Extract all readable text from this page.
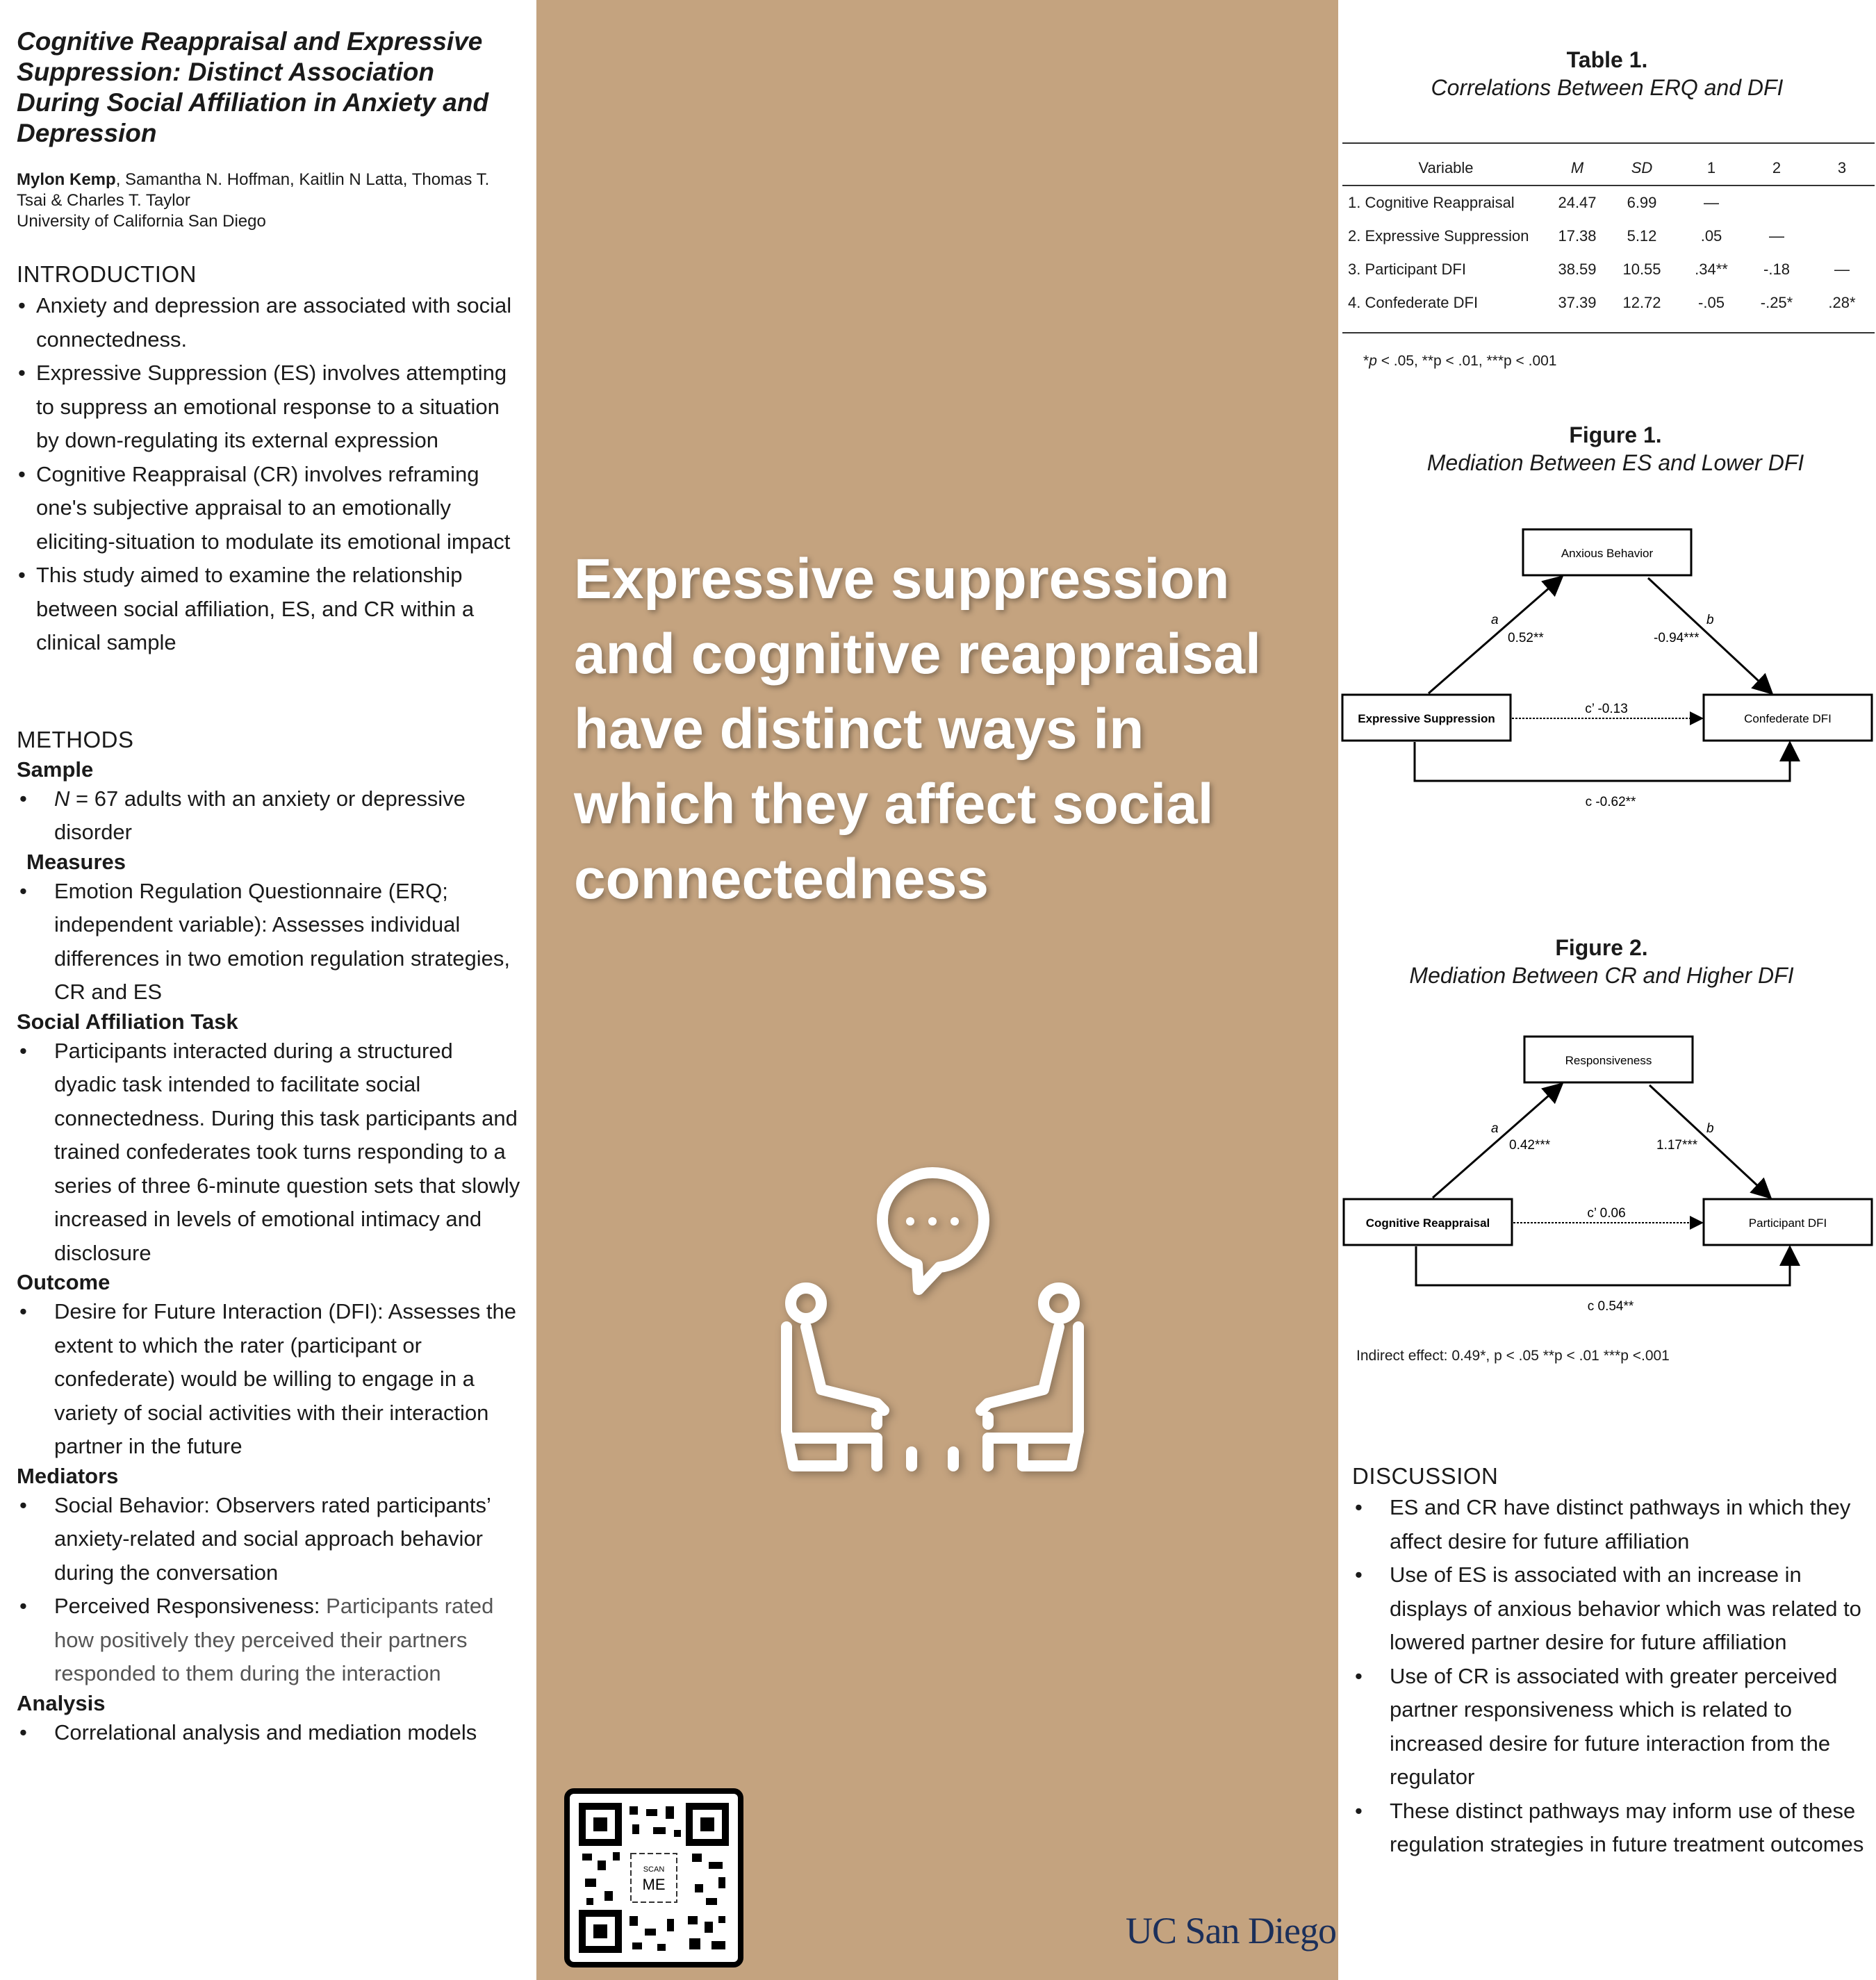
Cognitive Reappraisal and Expressive Suppression: Distinct Association During Social Affiliation in Anxiety and Depression
Mylon Kemp, Samantha N. Hoffman, Kaitlin N Latta, Thomas T. Tsai & Charles T. Taylor
University of California San Diego
INTRODUCTION
• Anxiety and depression are associated with social connectedness.
• Expressive Suppression (ES) involves attempting to suppress an emotional response to a situation by down-regulating its external expression
• Cognitive Reappraisal (CR) involves reframing one's subjective appraisal to an emotionally eliciting-situation to modulate its emotional impact
• This study aimed to examine the relationship between social affiliation, ES, and CR within a clinical sample
METHODS
Sample
• N = 67 adults with an anxiety or depressive disorder
Measures
• Emotion Regulation Questionnaire (ERQ; independent variable): Assesses individual differences in two emotion regulation strategies, CR and ES
Social Affiliation Task
• Participants interacted during a structured dyadic task intended to facilitate social connectedness. During this task participants and trained confederates took turns responding to a series of three 6-minute question sets that slowly increased in levels of emotional intimacy and disclosure
Outcome
• Desire for Future Interaction (DFI): Assesses the extent to which the rater (participant or confederate) would be willing to engage in a variety of social activities with their interaction partner in the future
Mediators
• Social Behavior: Observers rated participants’ anxiety-related and social approach behavior during the conversation
• Perceived Responsiveness: Participants rated how positively they perceived their partners responded to them during the interaction
Analysis
• Correlational analysis and mediation models
Expressive suppression and cognitive reappraisal have distinct ways in which they affect social connectedness
SCAN
ME
UC San Diego
Table 1.
Correlations Between ERQ and DFI
Variable	M	SD	1	2	3
1. Cognitive Reappraisal	24.47	6.99	—		
2. Expressive Suppression	17.38	5.12	.05	—	
3. Participant DFI	38.59	10.55	.34**	-.18	—
4. Confederate DFI	37.39	12.72	-.05	-.25*	.28*
*p < .05, **p < .01, ***p < .001
Figure 1.
Mediation Between ES and Lower DFI
Anxious Behavior
Expressive Suppression	Confederate DFI
a
0.52**
b
-0.94***
c’ -0.13
c -0.62**
Figure 2.
Mediation Between CR and Higher DFI
Responsiveness
Cognitive Reappraisal	Participant DFI
a
0.42***
b
1.17***
c’ 0.06
c 0.54**
Indirect effect: 0.49*, p < .05 **p < .01 ***p <.001
DISCUSSION
• ES and CR have distinct pathways in which they affect desire for future affiliation
• Use of ES is associated with an increase in displays of anxious behavior which was related to lowered partner desire for future affiliation
• Use of CR is associated with greater perceived partner responsiveness which is related to increased desire for future interaction from the regulator
• These distinct pathways may inform use of these regulation strategies in future treatment outcomes
